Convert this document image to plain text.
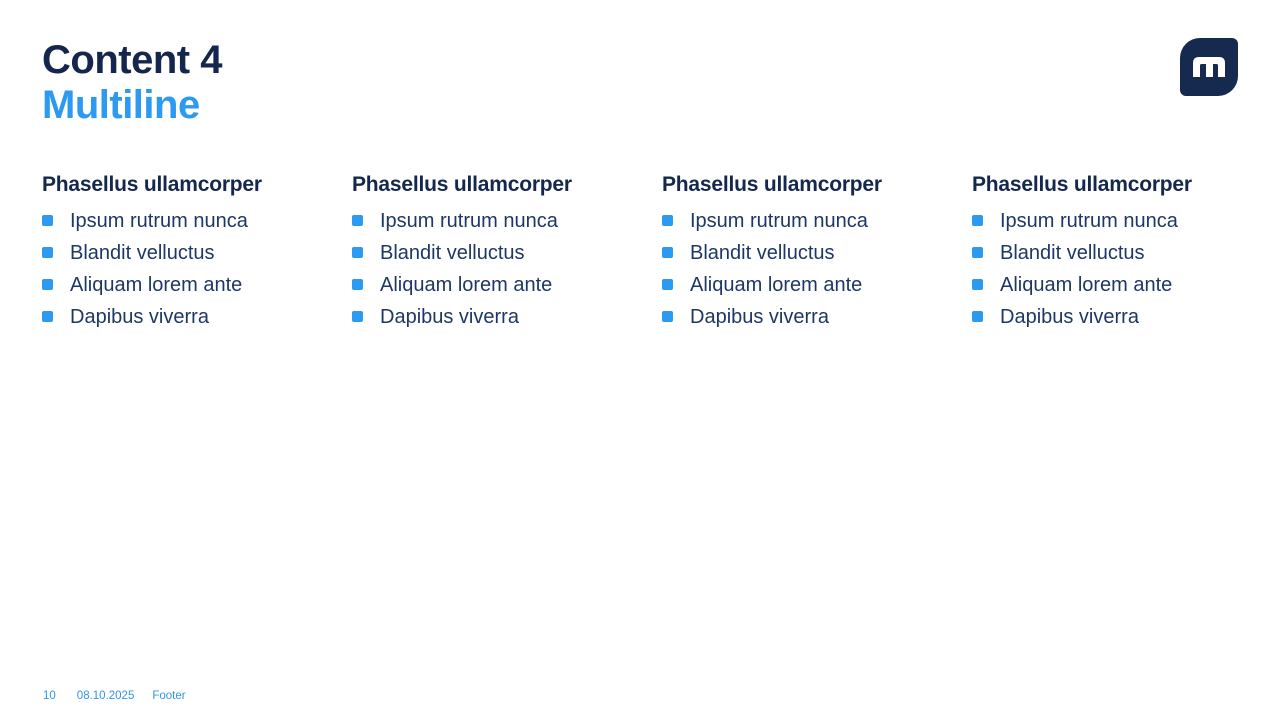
Content 4
Multiline
Phasellus ullamcorper
Ipsum rutrum nunca
Blandit velluctus
Aliquam lorem ante
Dapibus viverra
Phasellus ullamcorper
Ipsum rutrum nunca
Blandit velluctus
Aliquam lorem ante
Dapibus viverra
Phasellus ullamcorper
Ipsum rutrum nunca
Blandit velluctus
Aliquam lorem ante
Dapibus viverra
Phasellus ullamcorper
Ipsum rutrum nunca
Blandit velluctus
Aliquam lorem ante
Dapibus viverra
10 08.10.2025 Footer
